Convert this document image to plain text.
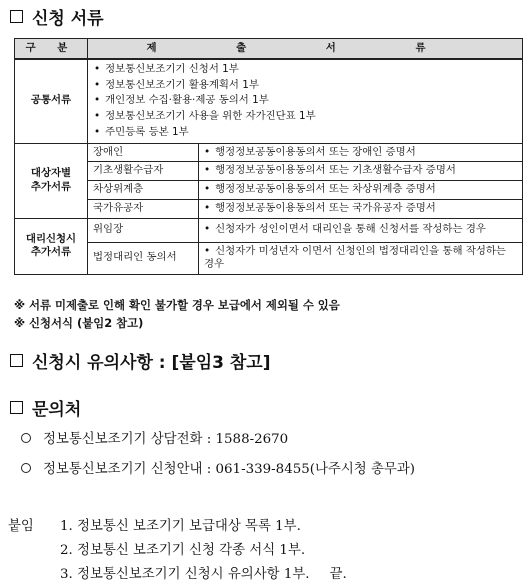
신청 서류
구 분	제 출 서 류	
공통서류	• 정보통신보조기기 신청서 1부
• 정보통신보조기기 활용계획서 1부
• 개인정보 수집·활용·제공 동의서 1부
• 정보통신보조기기 사용을 위한 자가진단표 1부
• 주민등록 등본 1부

대상자별
추가서류	장애인	• 행정정보공동이용동의서 또는 장애인 증명서
	기초생활수급자	• 행정정보공동이용동의서 또는 기초생활수급자 증명서
	차상위계층	• 행정정보공동이용동의서 또는 차상위계층 증명서
	국가유공자	• 행정정보공동이용동의서 또는 국가유공자 증명서
대리신청시
추가서류	위임장	• 신청자가 성인이면서 대리인을 통해 신청서를 작성하는 경우
	법정대리인 동의서	• 신청자가 미성년자 이면서 신청인의 법정대리인을 통해 작성하는 경우
※ 서류 미제출로 인해 확인 불가할 경우 보급에서 제외될 수 있음
※ 신청서식 (붙임2 참고)
신청시 유의사항 : [붙임3 참고]
문의처
정보통신보조기기 상담전화 : 1588-2670
정보통신보조기기 신청안내 : 061-339-8455(나주시청 총무과)
붙임	1. 정보통신 보조기기 보급대상 목록 1부.
2. 정보통신 보조기기 신청 각종 서식 1부.
3. 정보통신보조기기 신청시 유의사항 1부. 끝.
